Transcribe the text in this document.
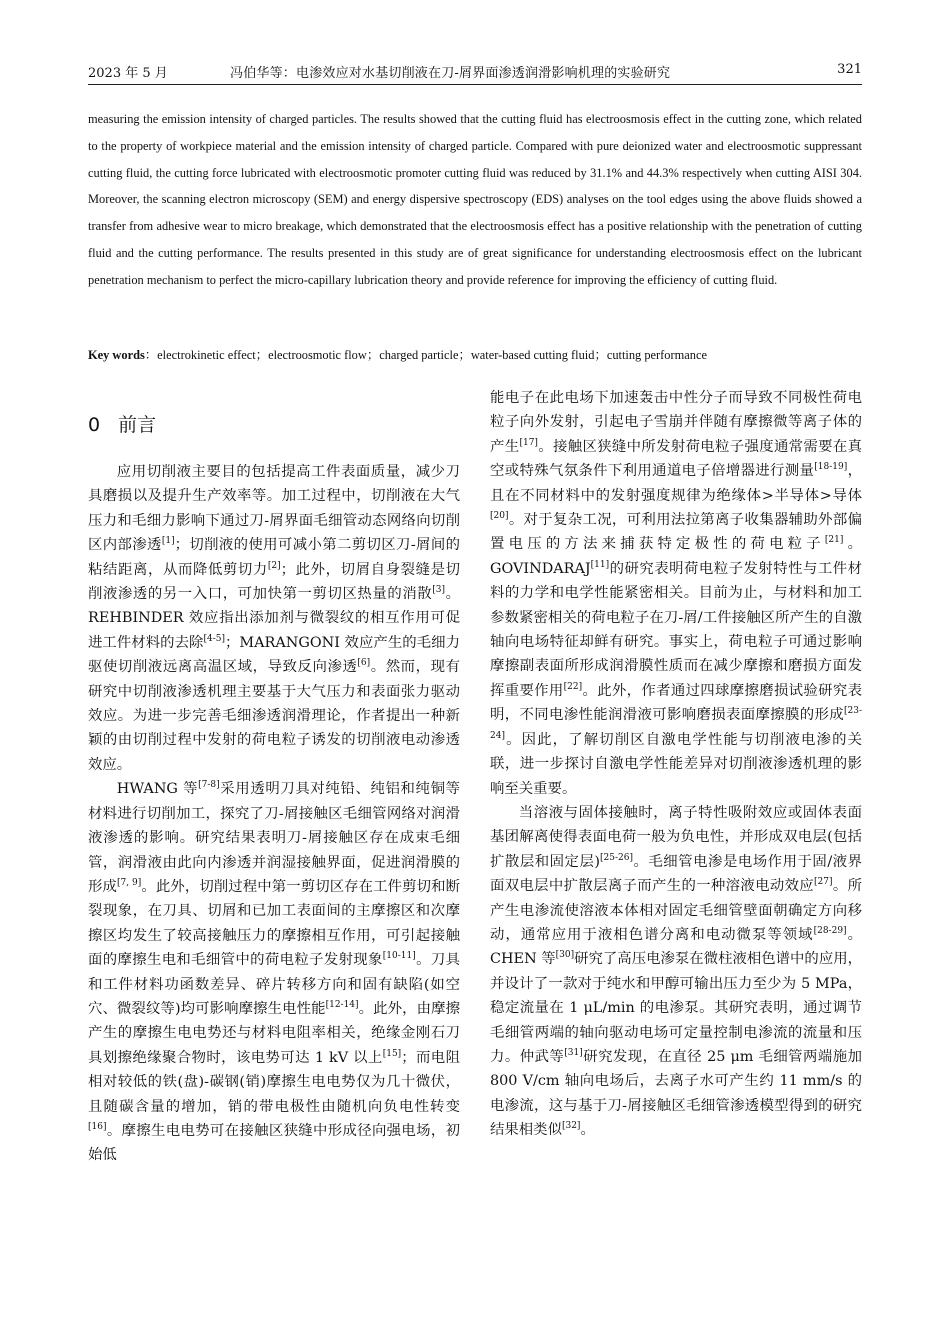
2023 年 5 月	冯伯华等：电渗效应对水基切削液在刀-屑界面渗透润滑影响机理的实验研究	321
measuring the emission intensity of charged particles. The results showed that the cutting fluid has electroosmosis effect in the cutting zone, which related to the property of workpiece material and the emission intensity of charged particle. Compared with pure deionized water and electroosmotic suppressant cutting fluid, the cutting force lubricated with electroosmotic promoter cutting fluid was reduced by 31.1% and 44.3% respectively when cutting AISI 304. Moreover, the scanning electron microscopy (SEM) and energy dispersive spectroscopy (EDS) analyses on the tool edges using the above fluids showed a transfer from adhesive wear to micro breakage, which demonstrated that the electroosmosis effect has a positive relationship with the penetration of cutting fluid and the cutting performance. The results presented in this study are of great significance for understanding electroosmosis effect on the lubricant penetration mechanism to perfect the micro-capillary lubrication theory and provide reference for improving the efficiency of cutting fluid.
Key words：electrokinetic effect；electroosmotic flow；charged particle；water-based cutting fluid；cutting performance
0 前言

应用切削液主要目的包括提高工件表面质量，减少刀具磨损以及提升生产效率等。加工过程中，切削液在大气压力和毛细力影响下通过刀-屑界面毛细管动态网络向切削区内部渗透[1]；切削液的使用可减小第二剪切区刀-屑间的粘结距离，从而降低剪切力[2]；此外，切屑自身裂缝是切削液渗透的另一入口，可加快第一剪切区热量的消散[3]。REHBINDER 效应指出添加剂与微裂纹的相互作用可促进工件材料的去除[4-5]；MARANGONI 效应产生的毛细力驱使切削液远离高温区域，导致反向渗透[6]。然而，现有研究中切削液渗透机理主要基于大气压力和表面张力驱动效应。为进一步完善毛细渗透润滑理论，作者提出一种新颖的由切削过程中发射的荷电粒子诱发的切削液电动渗透效应。

HWANG 等[7-8]采用透明刀具对纯铅、纯铝和纯铜等材料进行切削加工，探究了刀-屑接触区毛细管网络对润滑液渗透的影响。研究结果表明刀-屑接触区存在成束毛细管，润滑液由此向内渗透并润湿接触界面，促进润滑膜的形成[7, 9]。此外，切削过程中第一剪切区存在工件剪切和断裂现象，在刀具、切屑和已加工表面间的主摩擦区和次摩擦区均发生了较高接触压力的摩擦相互作用，可引起接触面的摩擦生电和毛细管中的荷电粒子发射现象[10-11]。刀具和工件材料功函数差异、碎片转移方向和固有缺陷(如空穴、微裂纹等)均可影响摩擦生电性能[12-14]。此外，由摩擦产生的摩擦生电电势还与材料电阻率相关，绝缘金刚石刀具划擦绝缘聚合物时，该电势可达 1 kV 以上[15]；而电阻相对较低的铁(盘)-碳钢(销)摩擦生电电势仅为几十微伏，且随碳含量的增加，销的带电极性由随机向负电性转变[16]。摩擦生电电势可在接触区狭缝中形成径向强电场，初始低

能电子在此电场下加速轰击中性分子而导致不同极性荷电粒子向外发射，引起电子雪崩并伴随有摩擦微等离子体的产生[17]。接触区狭缝中所发射荷电粒子强度通常需要在真空或特殊气氛条件下利用通道电子倍增器进行测量[18-19]，且在不同材料中的发射强度规律为绝缘体>半导体>导体[20]。对于复杂工况，可利用法拉第离子收集器辅助外部偏置电压的方法来捕获特定极性的荷电粒子[21]。GOVINDARAJ[11]的研究表明荷电粒子发射特性与工件材料的力学和电学性能紧密相关。目前为止，与材料和加工参数紧密相关的荷电粒子在刀-屑/工件接触区所产生的自激轴向电场特征却鲜有研究。事实上，荷电粒子可通过影响摩擦副表面所形成润滑膜性质而在减少摩擦和磨损方面发挥重要作用[22]。此外，作者通过四球摩擦磨损试验研究表明，不同电渗性能润滑液可影响磨损表面摩擦膜的形成[23-24]。因此，了解切削区自激电学性能与切削液电渗的关联，进一步探讨自激电学性能差异对切削液渗透机理的影响至关重要。

当溶液与固体接触时，离子特性吸附效应或固体表面基团解离使得表面电荷一般为负电性，并形成双电层(包括扩散层和固定层)[25-26]。毛细管电渗是电场作用于固/液界面双电层中扩散层离子而产生的一种溶液电动效应[27]。所产生电渗流使溶液本体相对固定毛细管壁面朝确定方向移动，通常应用于液相色谱分离和电动微泵等领域[28-29]。CHEN 等[30]研究了高压电渗泵在微柱液相色谱中的应用，并设计了一款对于纯水和甲醇可输出压力至少为 5 MPa，稳定流量在 1 μL/min 的电渗泵。其研究表明，通过调节毛细管两端的轴向驱动电场可定量控制电渗流的流量和压力。仲武等[31]研究发现，在直径 25 μm 毛细管两端施加 800 V/cm 轴向电场后，去离子水可产生约 11 mm/s 的电渗流，这与基于刀-屑接触区毛细管渗透模型得到的研究结果相类似[32]。
